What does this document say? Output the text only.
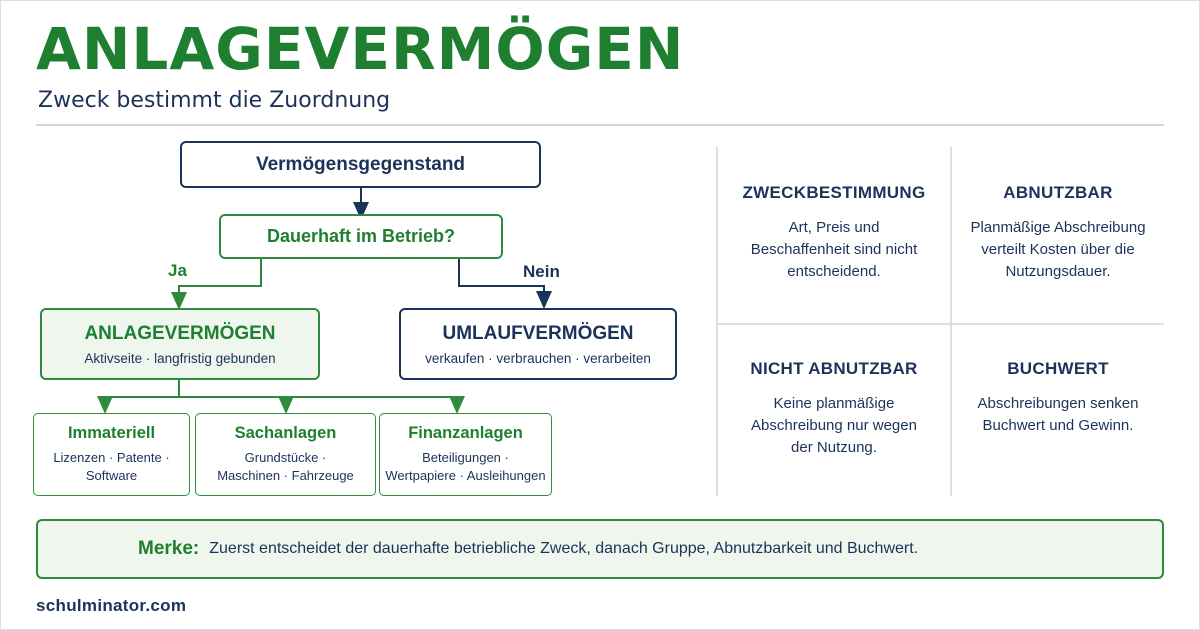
ANLAGEVERMÖGEN
Zweck bestimmt die Zuordnung
Vermögensgegenstand
Dauerhaft im Betrieb?
Ja	Nein
ANLAGEVERMÖGEN
Aktivseite · langfristig gebunden
UMLAUFVERMÖGEN
verkaufen · verbrauchen · verarbeiten
Immateriell
Lizenzen · Patente ·
Software
Sachanlagen
Grundstücke ·
Maschinen · Fahrzeuge
Finanzanlagen
Beteiligungen ·
Wertpapiere · Ausleihungen
ZWECKBESTIMMUNG
Art, Preis und
Beschaffenheit sind nicht
entscheidend.
ABNUTZBAR
Planmäßige Abschreibung
verteilt Kosten über die
Nutzungsdauer.
NICHT ABNUTZBAR
Keine planmäßige
Abschreibung nur wegen
der Nutzung.
BUCHWERT
Abschreibungen senken
Buchwert und Gewinn.
Merke: Zuerst entscheidet der dauerhafte betriebliche Zweck, danach Gruppe, Abnutzbarkeit und Buchwert.
schulminator.com
